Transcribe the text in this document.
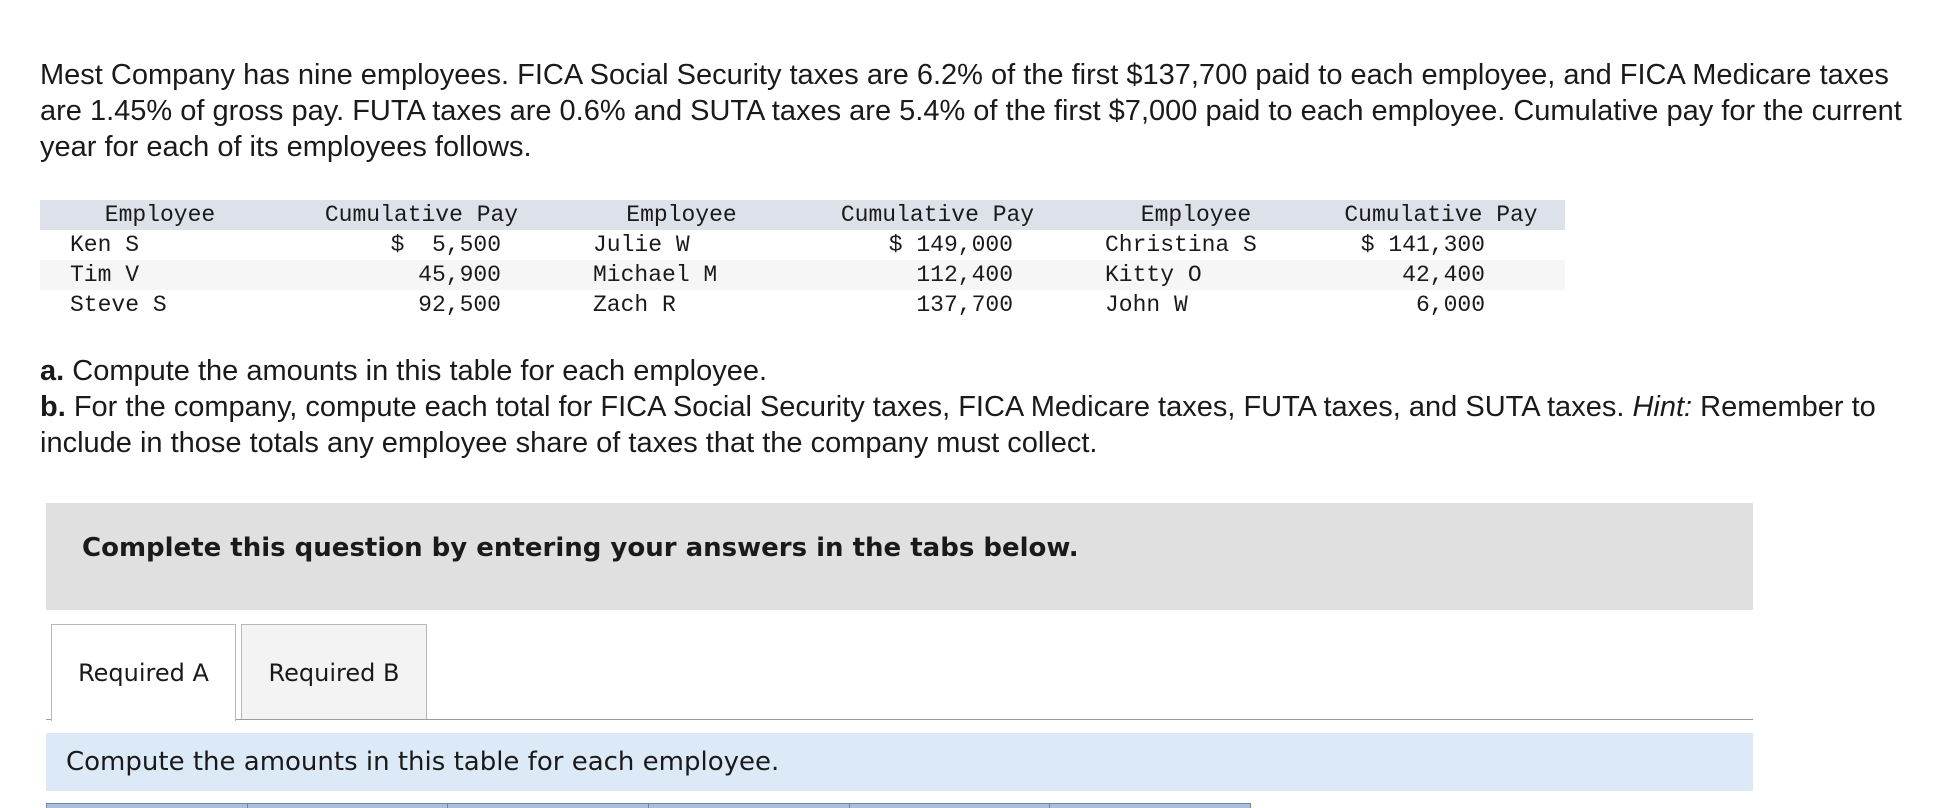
Mest Company has nine employees. FICA Social Security taxes are 6.2% of the first $137,700 paid to each employee, and FICA Medicare taxes are 1.45% of gross pay. FUTA taxes are 0.6% and SUTA taxes are 5.4% of the first $7,000 paid to each employee. Cumulative pay for the current year for each of its employees follows.

Employee	Cumulative Pay	Employee	Cumulative Pay	Employee	Cumulative Pay
Ken S	$  5,500	Julie W	$ 149,000	Christina S	$ 141,300
Tim V	45,900	Michael M	112,400	Kitty O	42,400
Steve S	92,500	Zach R	137,700	John W	6,000

a. Compute the amounts in this table for each employee.

b. For the company, compute each total for FICA Social Security taxes, FICA Medicare taxes, FUTA taxes, and SUTA taxes. Hint: Remember to include in those totals any employee share of taxes that the company must collect.

Complete this question by entering your answers in the tabs below.
Required A	Required B
Compute the amounts in this table for each employee.
